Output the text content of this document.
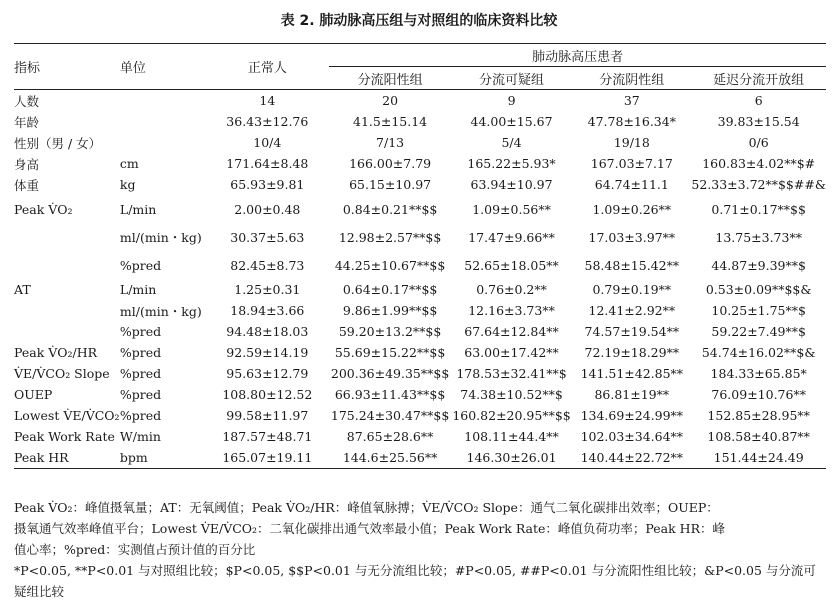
表 2. 肺动脉高压组与对照组的临床资料比较
指标	单位	正常人	肺动脉高压患者			
			分流阳性组	分流可疑组	分流阴性组	延迟分流开放组
人数		14	20	9	37	6
年龄		36.43±12.76	41.5±15.14	44.00±15.67	47.78±16.34*	39.83±15.54
性别（男 / 女）		10/4	7/13	5/4	19/18	0/6
身高	cm	171.64±8.48	166.00±7.79	165.22±5.93*	167.03±7.17	160.83±4.02**$#
体重	kg	65.93±9.81	65.15±10.97	63.94±10.97	64.74±11.1	52.33±3.72**$$##&
Peak V̇O₂	L/min	2.00±0.48	0.84±0.21**$$	1.09±0.56**	1.09±0.26**	0.71±0.17**$$
	ml/(min・kg)	30.37±5.63	12.98±2.57**$$	17.47±9.66**	17.03±3.97**	13.75±3.73**
	%pred	82.45±8.73	44.25±10.67**$$	52.65±18.05**	58.48±15.42**	44.87±9.39**$
AT	L/min	1.25±0.31	0.64±0.17**$$	0.76±0.2**	0.79±0.19**	0.53±0.09**$$&
	ml/(min・kg)	18.94±3.66	9.86±1.99**$$	12.16±3.73**	12.41±2.92**	10.25±1.75**$
	%pred	94.48±18.03	59.20±13.2**$$	67.64±12.84**	74.57±19.54**	59.22±7.49**$
Peak V̇O₂/HR	%pred	92.59±14.19	55.69±15.22**$$	63.00±17.42**	72.19±18.29**	54.74±16.02**$&
V̇E/V̇CO₂ Slope	%pred	95.63±12.79	200.36±49.35**$$	178.53±32.41**$	141.51±42.85**	184.33±65.85*
OUEP	%pred	108.80±12.52	66.93±11.43**$$	74.38±10.52**$	86.81±19**	76.09±10.76**
Lowest V̇E/V̇CO₂	%pred	99.58±11.97	175.24±30.47**$$	160.82±20.95**$$	134.69±24.99**	152.85±28.95**
Peak Work Rate	W/min	187.57±48.71	87.65±28.6**	108.11±44.4**	102.03±34.64**	108.58±40.87**
Peak HR	bpm	165.07±19.11	144.6±25.56**	146.30±26.01	140.44±22.72**	151.44±24.49
Peak V̇O₂：峰值摄氧量；AT：无氧阈值；Peak V̇O₂/HR：峰值氧脉搏；V̇E/V̇CO₂ Slope：通气二氧化碳排出效率；OUEP：
摄氧通气效率峰值平台；Lowest V̇E/V̇CO₂：二氧化碳排出通气效率最小值；Peak Work Rate：峰值负荷功率；Peak HR：峰
值心率；%pred：实测值占预计值的百分比
*P<0.05, **P<0.01 与对照组比较；$P<0.05, $$P<0.01 与无分流组比较；#P<0.05, ##P<0.01 与分流阳性组比较；&P<0.05 与分流可
疑组比较
